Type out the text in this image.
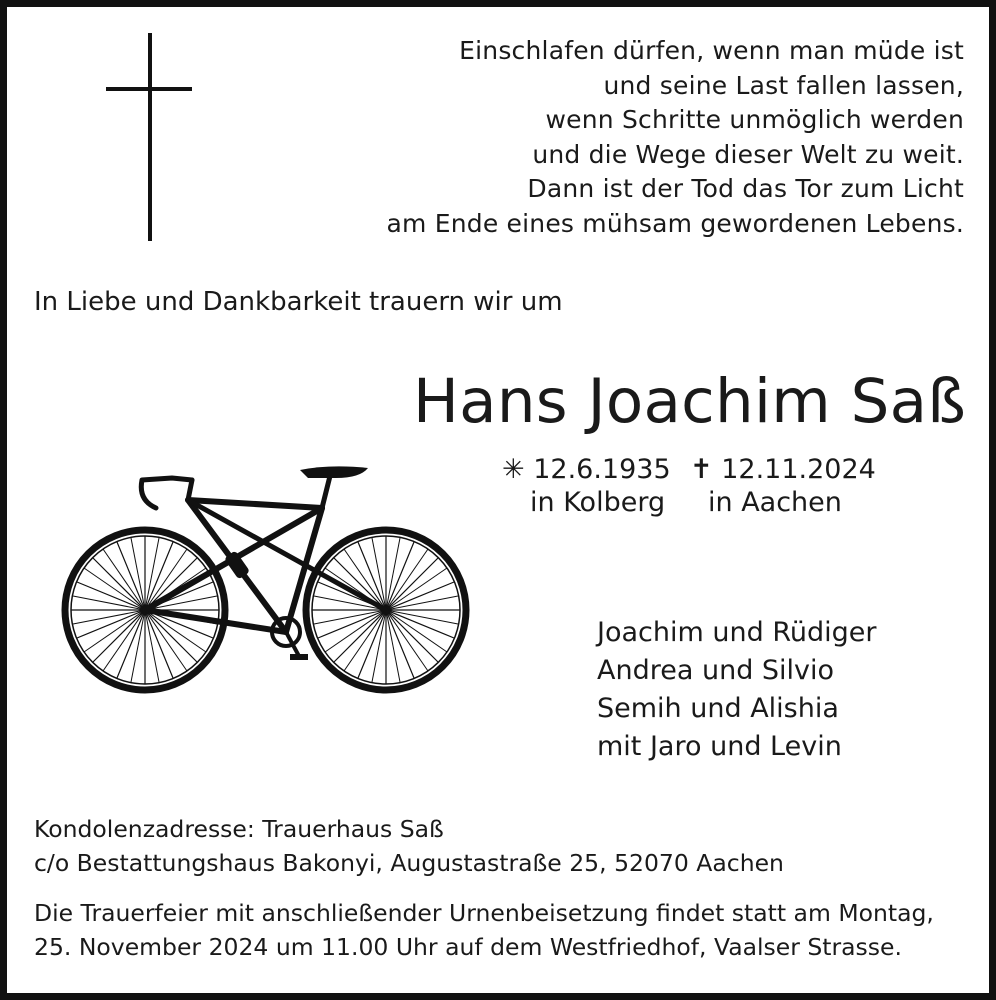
Einschlafen dürfen, wenn man müde ist
und seine Last fallen lassen,
wenn Schritte unmöglich werden
und die Wege dieser Welt zu weit.
Dann ist der Tod das Tor zum Licht
am Ende eines mühsam gewordenen Lebens.
In Liebe und Dankbarkeit trauern wir um
Hans Joachim Saß
✳ 12.6.1935
in Kolberg
✝ 12.11.2024
in Aachen
Joachim und Rüdiger
Andrea und Silvio
Semih und Alishia
mit Jaro und Levin
Kondolenzadresse: Trauerhaus Saß
c/o Bestattungshaus Bakonyi, Augustastraße 25, 52070 Aachen
Die Trauerfeier mit anschließender Urnenbeisetzung findet statt am Montag,
25. November 2024 um 11.00 Uhr auf dem Westfriedhof, Vaalser Strasse.
